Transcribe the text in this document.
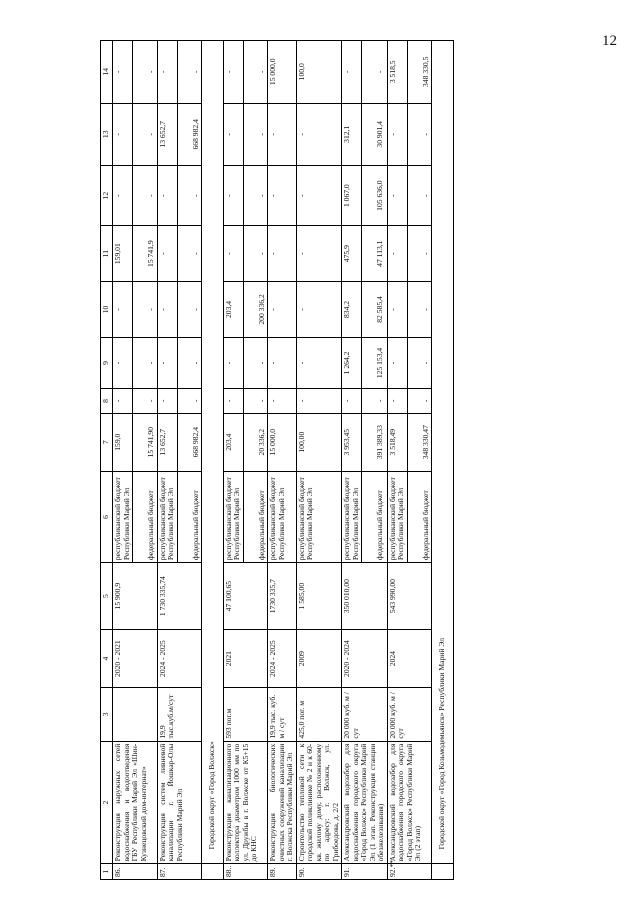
12
1	2	3	4	5	6	7	8	9	10	11	12	13	14
86.	Реконструкция наружных сетей водоснабжения и водоотведения ГБУ Республики Марий Эл «Шин-Кузнецовский дом-интернат»		2020 - 2021	15 900,9	республиканский бюджет Республики Марий Эл	159,0	-	-	-	159,01	-	-	-
					федеральный бюджет	15 741,90	-	-	-	15 741,9	-	-	-
87.	Реконструкция систем ливневой канализации г. Йошкар-Олы Республики Марий Эл	19,9 тыс.куб.м/сут	2024 - 2025	1 730 335,74	республиканский бюджет Республики Марий Эл	13 652,7	-	-	-	-	-	13 652,7	-
					федеральный бюджет	668 982,4	-	-	-	-	-	668 982,4	-
	Городской округ «Город Волжск»												
88..	Реконструкция канализационного коллектора диаметром 1000 мм по ул. Дружбы в г. Волжске от К5+15 до КНС	593 пог.м	2021	47 100,65	республиканский бюджет Республики Марий Эл	203,4	-	-	203,4	-	-	-	-
					федеральный бюджет	20 336,2	-	-	200 336,2	-	-	-	-
89.	Реконструкция биологических очистных сооружений канализации г. Волжска Республики Марий Эл	19,9 тыс. куб. м / сут	2024 - 2025	1730 335,7	республиканский бюджет Республики Марий Эл	15 000,0	-	-	-	-	-	-	15 000,0
90.	Строительство тепловой сети к городской поликлинике № 2 и к 60-кв. жилому дому, расположенному по адресу: г. Волжск, ул. Грибоедова, д. 2/2	425,0 пог. м	2009	1 585,00	республиканский бюджет Республики Марий Эл	100,00	-	-	-	-	-	-	100,0
91.	Александровский водозабор для водоснабжения городского округа «Город Волжск» Республики Марий Эл (1 этап. Реконструкция станции обезжелезивания)	20 000 куб. м / сут	2020 - 2024	350 010,00	республиканский бюджет Республики Марий Эл	3 953,45	-	1 264,2	834,2	475,9	1 067,0	312,1	-
					федеральный бюджет	391 389,33	-	125 153,4	82 585,4	47 113,1	105 636,0	30 901,4	-
92.**	Александровский водозабор для водоснабжения городского округа «Город Волжск» Республики Марий Эл (2 этап)	20 000 куб. м / сут	2024	543 990,00	республиканский бюджет Республики Марий Эл	3 518,49	-	-	-	-	-	-	3 518,5
					федеральный бюджет	348 330,47	-	-	-	-	-	-	348 330,5
	Городской округ «Город Козьмодемьянск» Республики Марий Эл												
